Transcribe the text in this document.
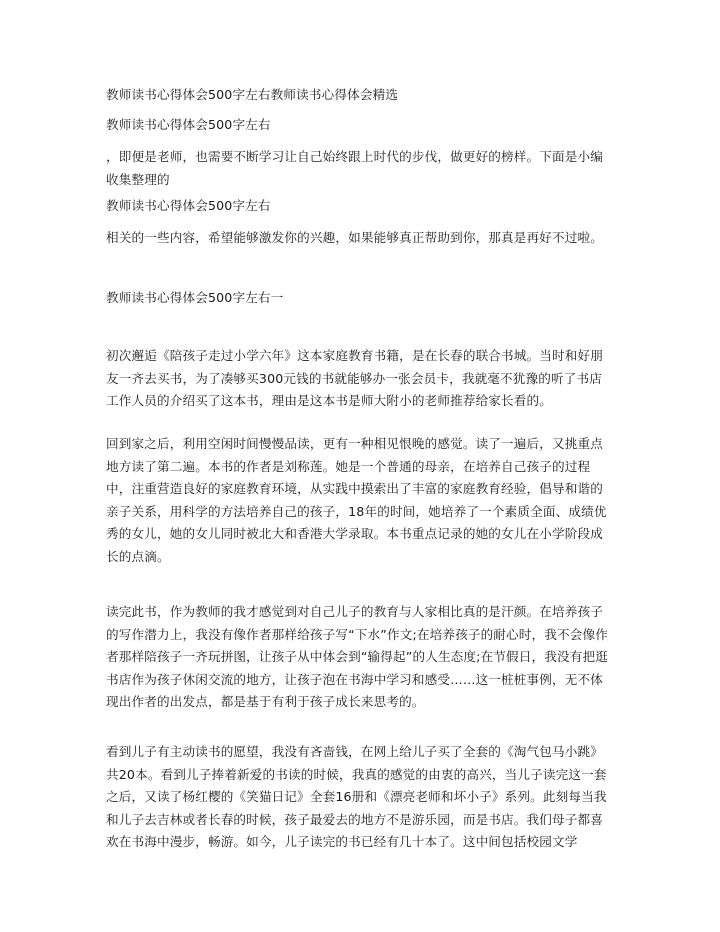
教师读书心得体会500字左右教师读书心得体会精选

教师读书心得体会500字左右

，即便是老师，也需要不断学习让自己始终跟上时代的步伐，做更好的榜样。下面是小编收集整理的

教师读书心得体会500字左右

相关的一些内容，希望能够激发你的兴趣，如果能够真正帮助到你，那真是再好不过啦。

教师读书心得体会500字左右一

初次邂逅《陪孩子走过小学六年》这本家庭教育书籍，是在长春的联合书城。当时和好朋友一齐去买书，为了凑够买300元钱的书就能够办一张会员卡，我就毫不犹豫的听了书店工作人员的介绍买了这本书，理由是这本书是师大附小的老师推荐给家长看的。

回到家之后，利用空闲时间慢慢品读，更有一种相见恨晚的感觉。读了一遍后，又挑重点地方读了第二遍。本书的作者是刘称莲。她是一个普通的母亲，在培养自己孩子的过程中，注重营造良好的家庭教育环境，从实践中摸索出了丰富的家庭教育经验，倡导和谐的亲子关系，用科学的方法培养自己的孩子，18年的时间，她培养了一个素质全面、成绩优秀的女儿，她的女儿同时被北大和香港大学录取。本书重点记录的她的女儿在小学阶段成长的点滴。

读完此书，作为教师的我才感觉到对自己儿子的教育与人家相比真的是汗颜。在培养孩子的写作潜力上，我没有像作者那样给孩子写“下水”作文;在培养孩子的耐心时，我不会像作者那样陪孩子一齐玩拼图，让孩子从中体会到“输得起”的人生态度;在节假日，我没有把逛书店作为孩子休闲交流的地方，让孩子泡在书海中学习和感受……这一桩桩事例，无不体现出作者的出发点，都是基于有利于孩子成长来思考的。

看到儿子有主动读书的愿望，我没有吝啬钱，在网上给儿子买了全套的《淘气包马小跳》共20本。看到儿子捧着新爱的书读的时候，我真的感觉的由衷的高兴，当儿子读完这一套之后，又读了杨红樱的《笑猫日记》全套16册和《漂亮老师和坏小子》系列。此刻每当我和儿子去吉林或者长春的时候，孩子最爱去的地方不是游乐园，而是书店。我们母子都喜欢在书海中漫步，畅游。如今，儿子读完的书已经有几十本了。这中间包括校园文学
